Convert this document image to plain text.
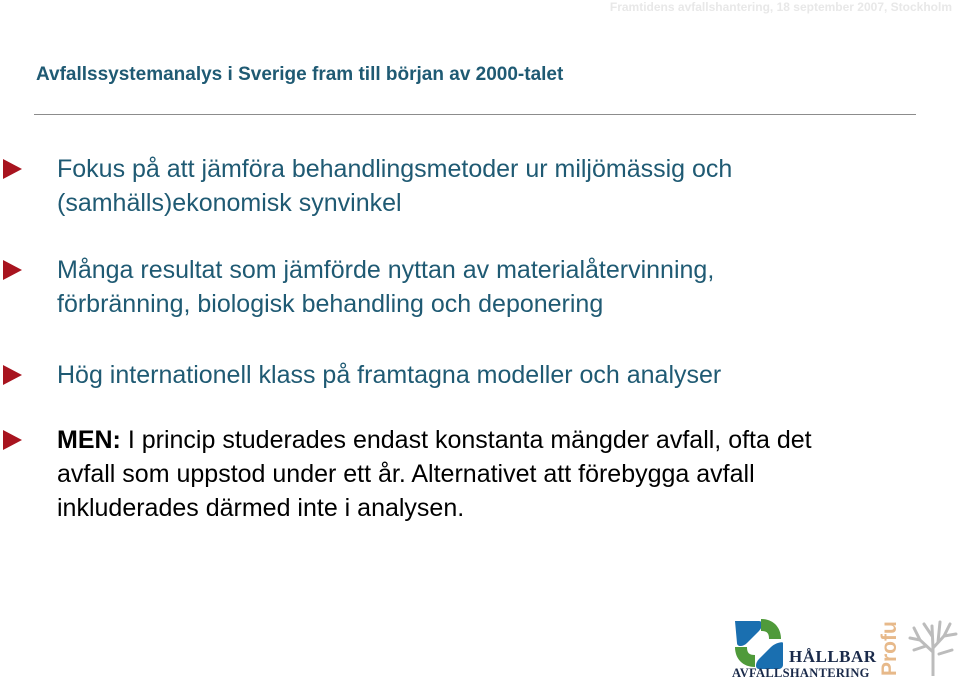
Framtidens avfallshantering, 18 september 2007, Stockholm
Avfallssystemanalys i Sverige fram till början av 2000-talet
Fokus på att jämföra behandlingsmetoder ur miljömässig och
(samhälls)ekonomisk synvinkel
Många resultat som jämförde nyttan av materialåtervinning,
förbränning, biologisk behandling och deponering
Hög internationell klass på framtagna modeller och analyser
MEN: I princip studerades endast konstanta mängder avfall, ofta det
avfall som uppstod under ett år. Alternativet att förebygga avfall
inkluderades därmed inte i analysen.
HÅLLBAR
AVFALLSHANTERING Profu
